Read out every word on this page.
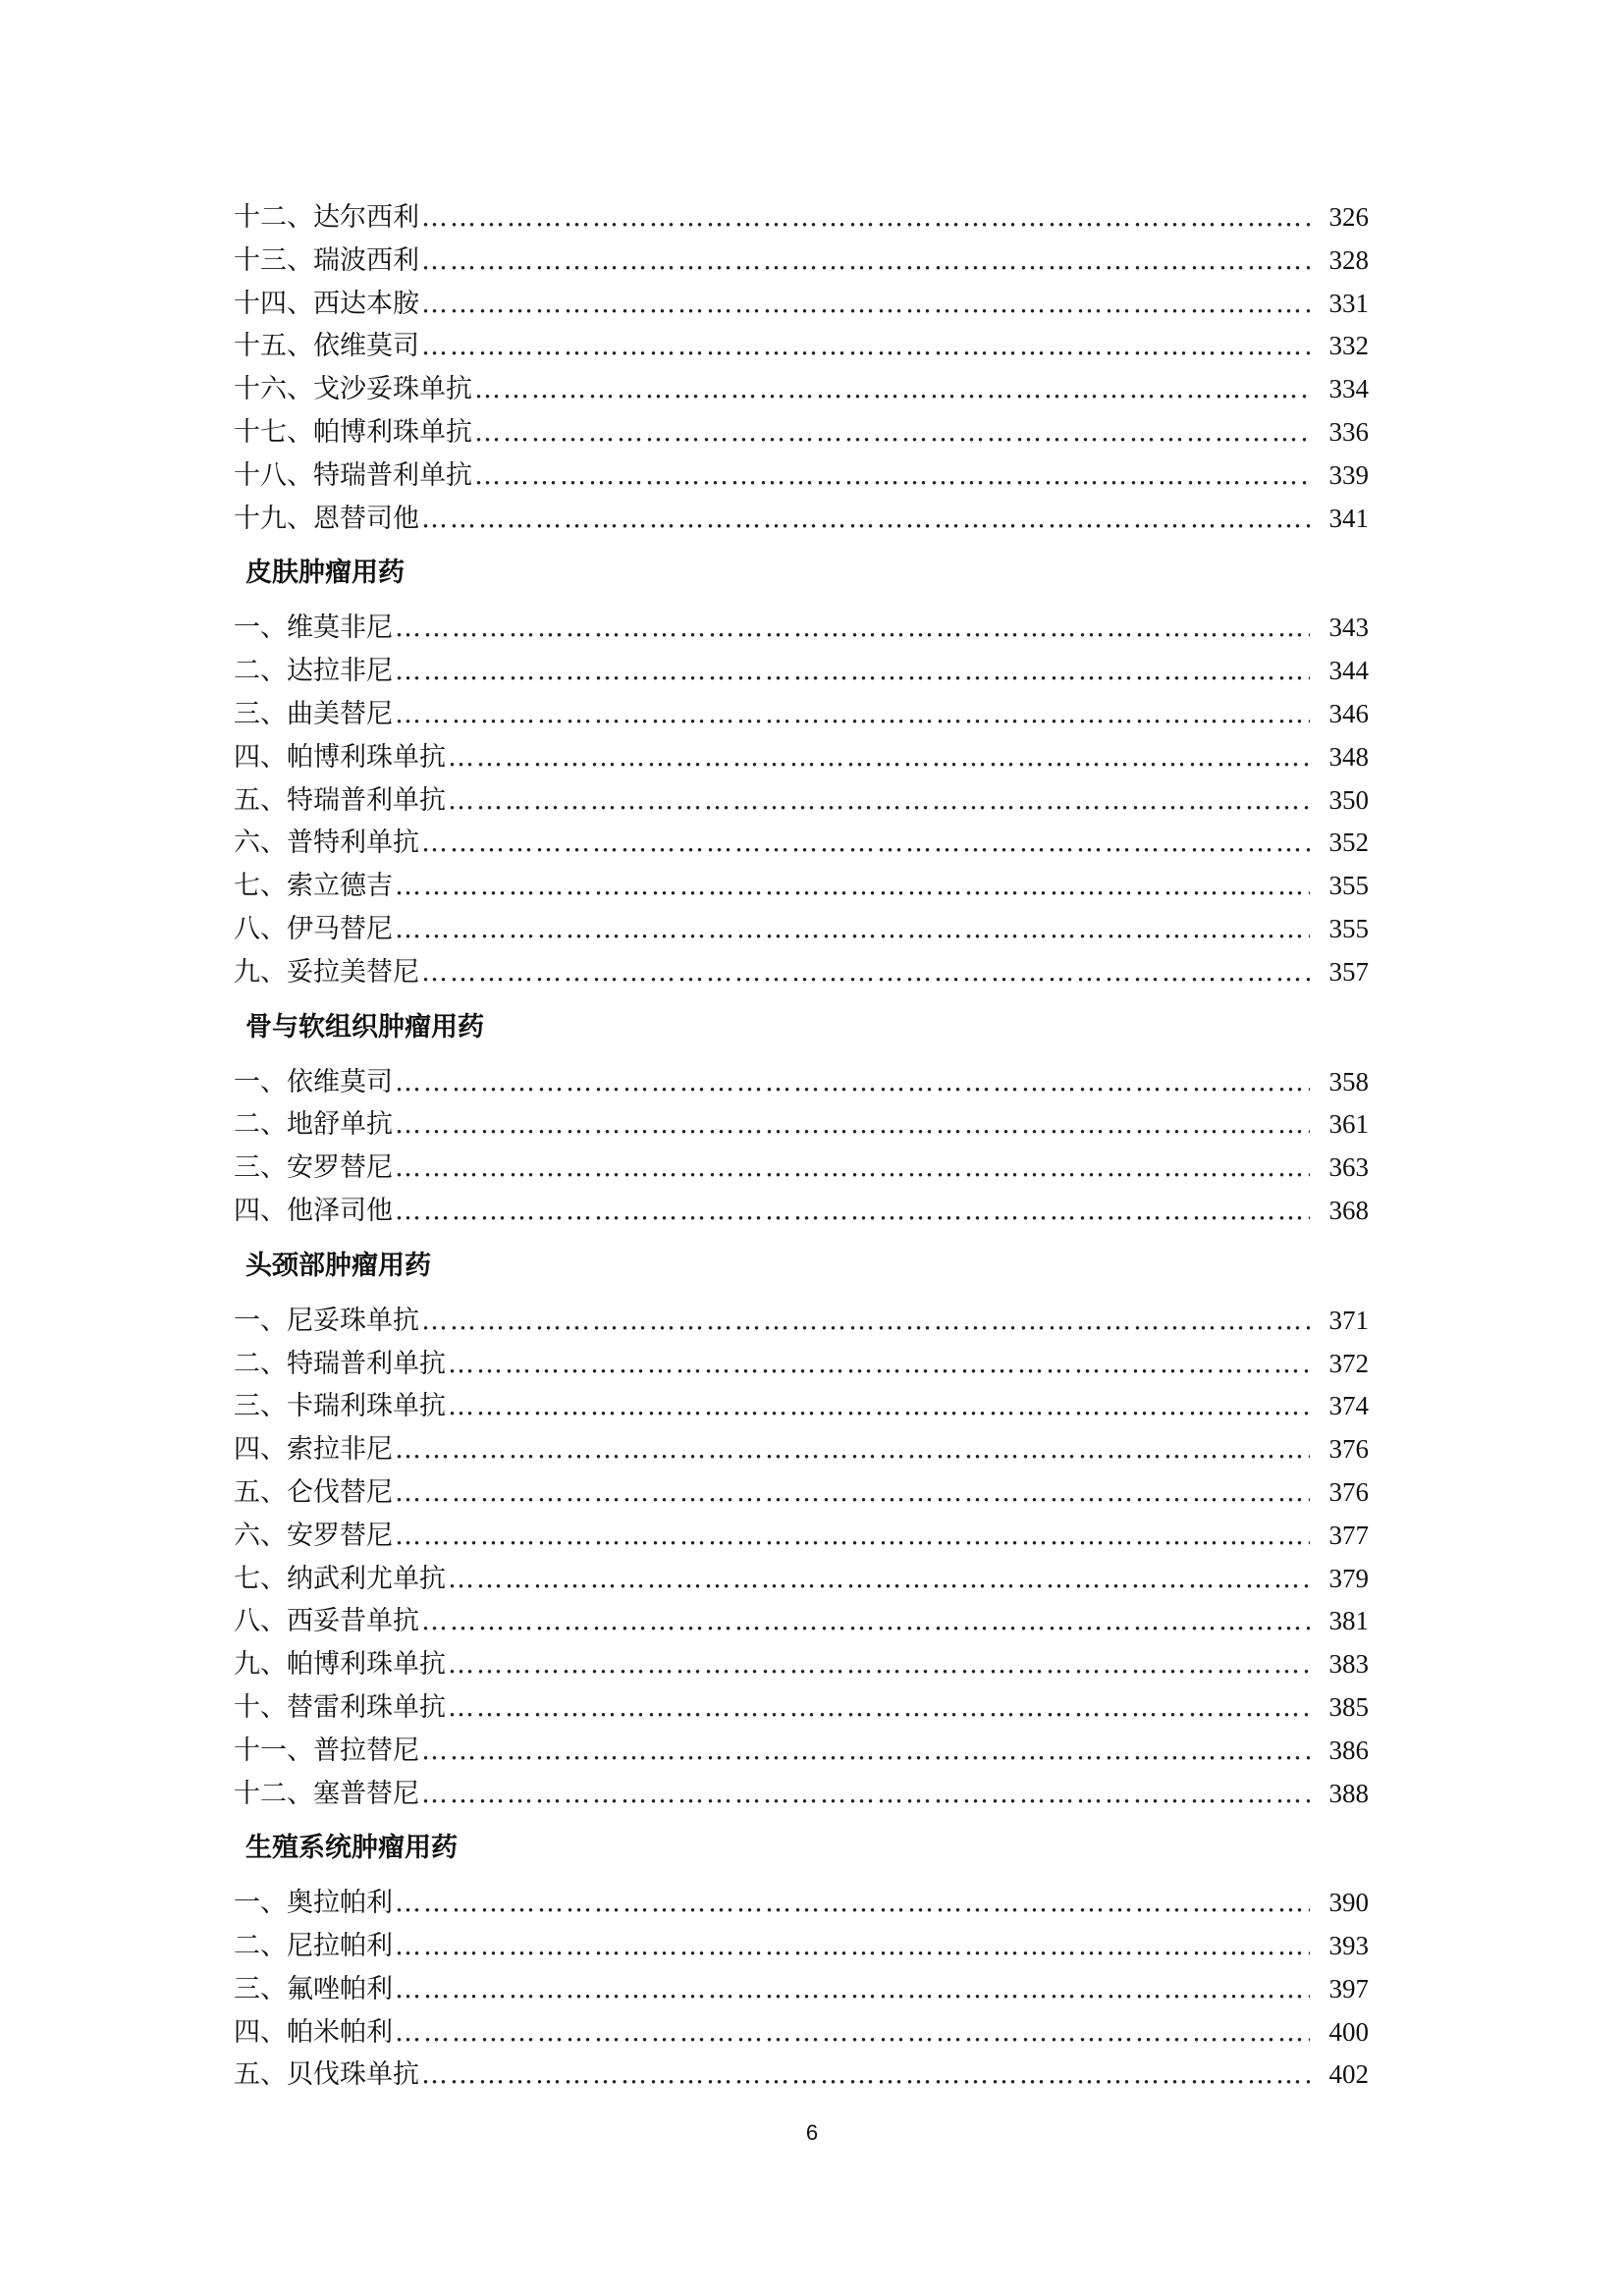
十二、达尔西利 ……………………………………………………………………………………………………………………………………………………………………………………………………	326
十三、瑞波西利 ……………………………………………………………………………………………………………………………………………………………………………………………………	328
十四、西达本胺 ……………………………………………………………………………………………………………………………………………………………………………………………………	331
十五、依维莫司 ……………………………………………………………………………………………………………………………………………………………………………………………………	332
十六、戈沙妥珠单抗 ……………………………………………………………………………………………………………………………………………………………………………………………………	334
十七、帕博利珠单抗 ……………………………………………………………………………………………………………………………………………………………………………………………………	336
十八、特瑞普利单抗 ……………………………………………………………………………………………………………………………………………………………………………………………………	339
十九、恩替司他 ……………………………………………………………………………………………………………………………………………………………………………………………………	341
皮肤肿瘤用药
一、维莫非尼 ……………………………………………………………………………………………………………………………………………………………………………………………………	343
二、达拉非尼 ……………………………………………………………………………………………………………………………………………………………………………………………………	344
三、曲美替尼 ……………………………………………………………………………………………………………………………………………………………………………………………………	346
四、帕博利珠单抗 ……………………………………………………………………………………………………………………………………………………………………………………………………	348
五、特瑞普利单抗 ……………………………………………………………………………………………………………………………………………………………………………………………………	350
六、普特利单抗 ……………………………………………………………………………………………………………………………………………………………………………………………………	352
七、索立德吉 ……………………………………………………………………………………………………………………………………………………………………………………………………	355
八、伊马替尼 ……………………………………………………………………………………………………………………………………………………………………………………………………	355
九、妥拉美替尼 ……………………………………………………………………………………………………………………………………………………………………………………………………	357
骨与软组织肿瘤用药
一、依维莫司 ……………………………………………………………………………………………………………………………………………………………………………………………………	358
二、地舒单抗 ……………………………………………………………………………………………………………………………………………………………………………………………………	361
三、安罗替尼 ……………………………………………………………………………………………………………………………………………………………………………………………………	363
四、他泽司他 ……………………………………………………………………………………………………………………………………………………………………………………………………	368
头颈部肿瘤用药
一、尼妥珠单抗 ……………………………………………………………………………………………………………………………………………………………………………………………………	371
二、特瑞普利单抗 ……………………………………………………………………………………………………………………………………………………………………………………………………	372
三、卡瑞利珠单抗 ……………………………………………………………………………………………………………………………………………………………………………………………………	374
四、索拉非尼 ……………………………………………………………………………………………………………………………………………………………………………………………………	376
五、仑伐替尼 ……………………………………………………………………………………………………………………………………………………………………………………………………	376
六、安罗替尼 ……………………………………………………………………………………………………………………………………………………………………………………………………	377
七、纳武利尤单抗 ……………………………………………………………………………………………………………………………………………………………………………………………………	379
八、西妥昔单抗 ……………………………………………………………………………………………………………………………………………………………………………………………………	381
九、帕博利珠单抗 ……………………………………………………………………………………………………………………………………………………………………………………………………	383
十、替雷利珠单抗 ……………………………………………………………………………………………………………………………………………………………………………………………………	385
十一、普拉替尼 ……………………………………………………………………………………………………………………………………………………………………………………………………	386
十二、塞普替尼 ……………………………………………………………………………………………………………………………………………………………………………………………………	388
生殖系统肿瘤用药
一、奥拉帕利 ……………………………………………………………………………………………………………………………………………………………………………………………………	390
二、尼拉帕利 ……………………………………………………………………………………………………………………………………………………………………………………………………	393
三、氟唑帕利 ……………………………………………………………………………………………………………………………………………………………………………………………………	397
四、帕米帕利 ……………………………………………………………………………………………………………………………………………………………………………………………………	400
五、贝伐珠单抗 ……………………………………………………………………………………………………………………………………………………………………………………………………	402
6
